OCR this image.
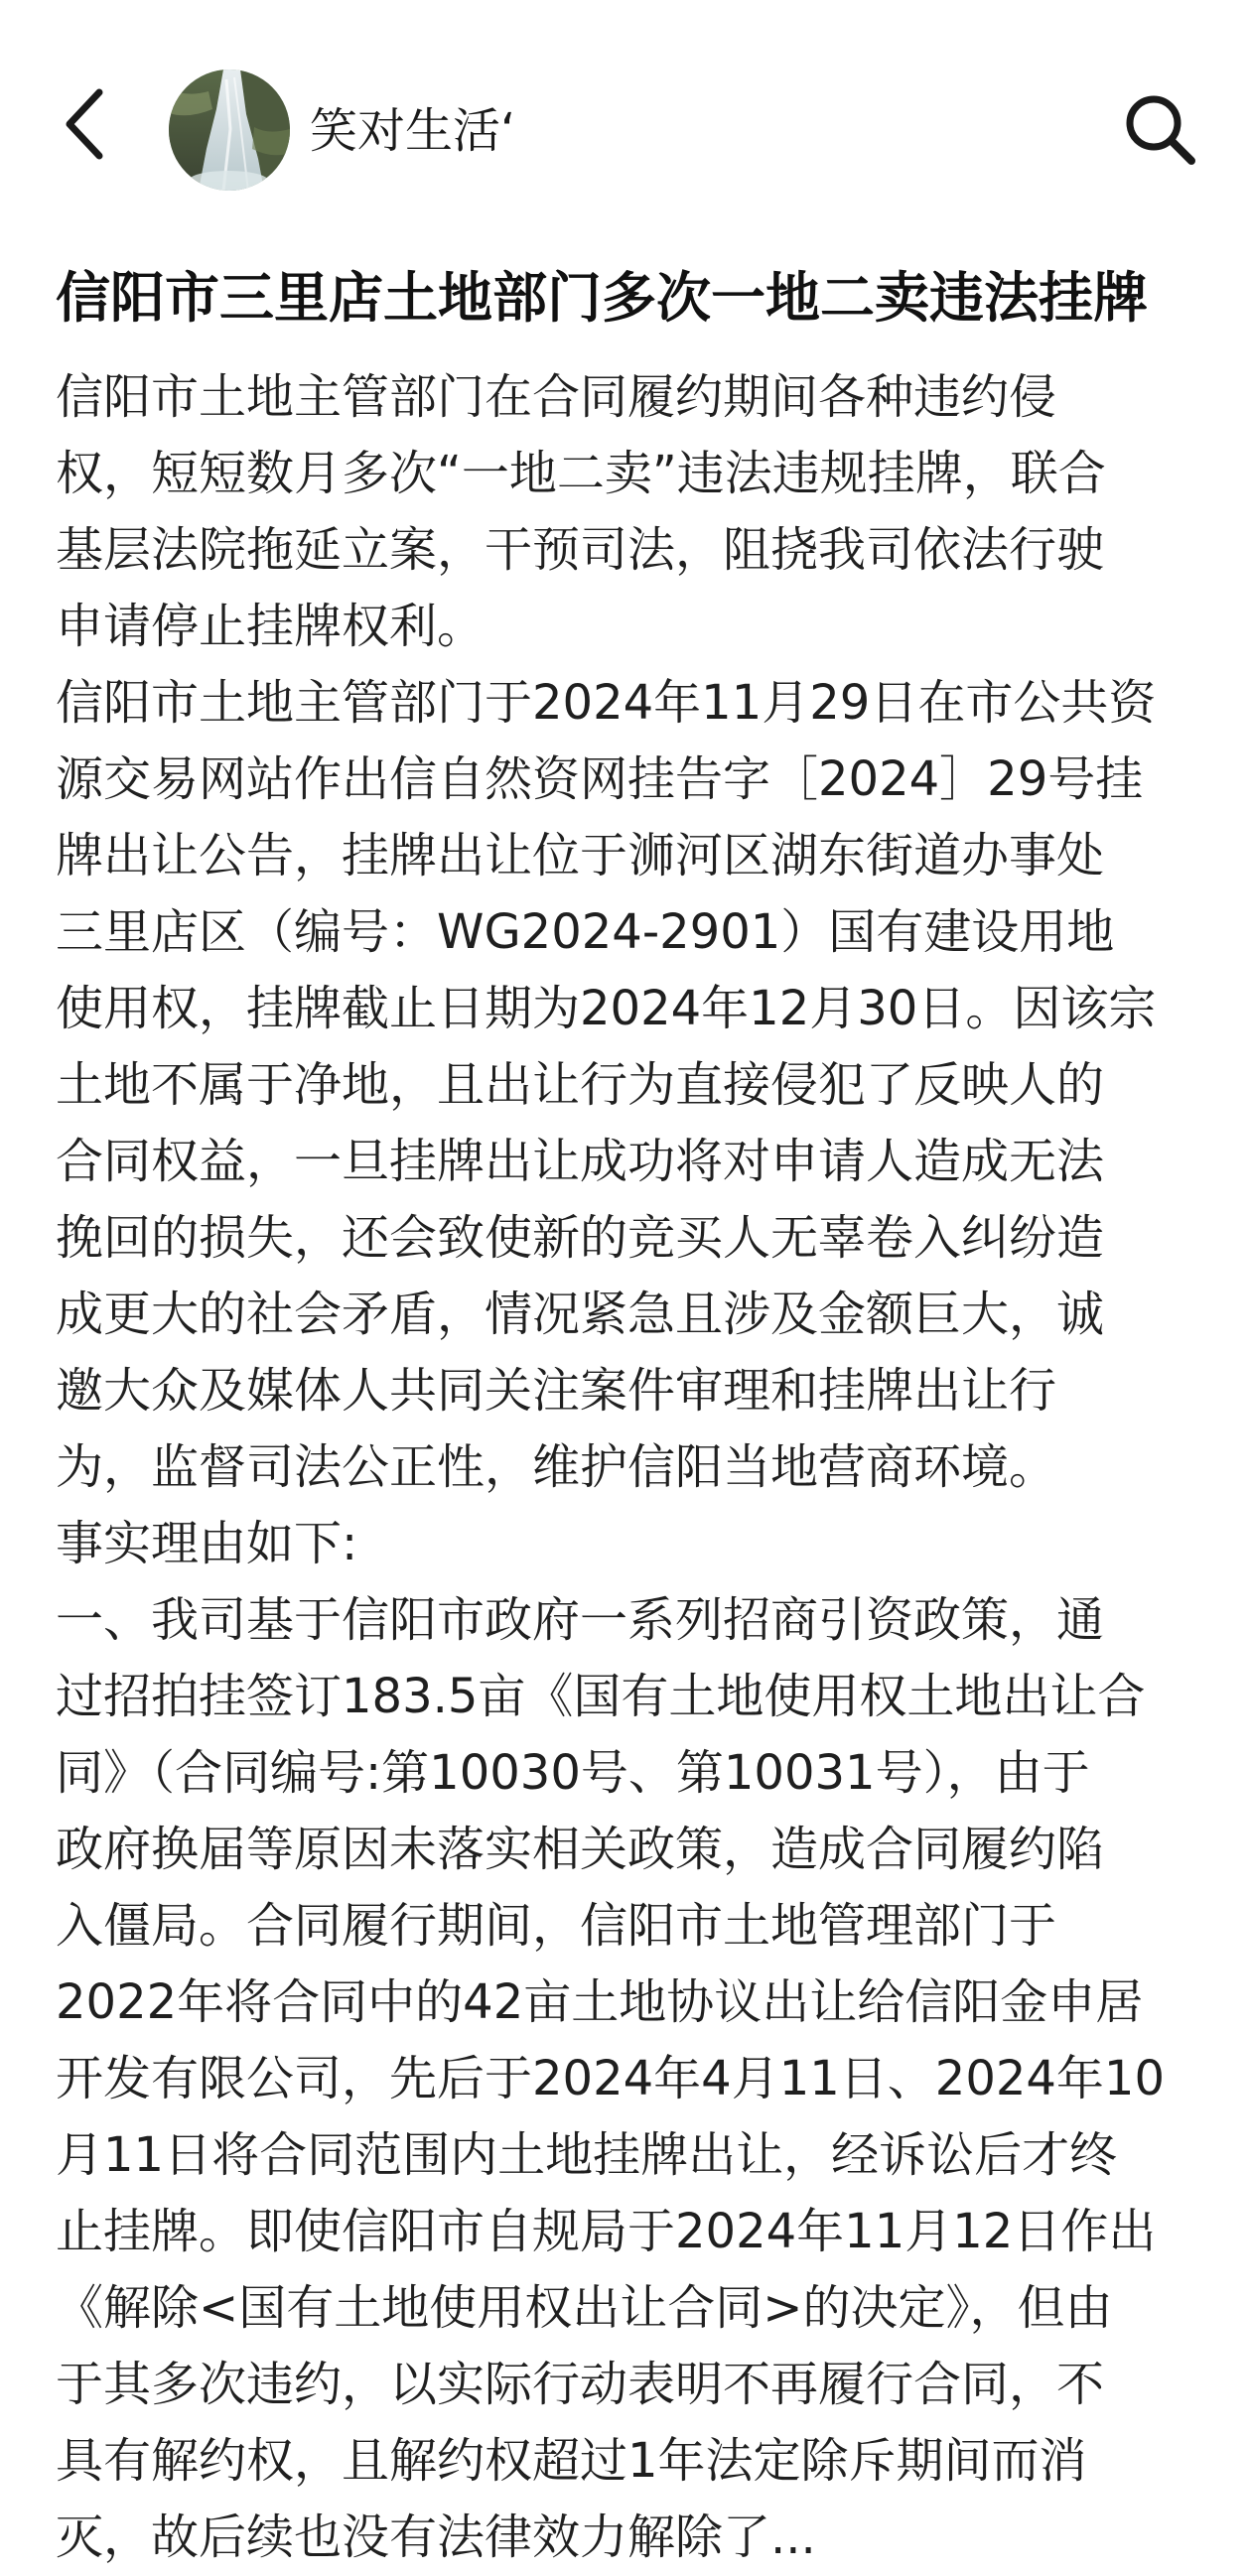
笑对生活‘
信阳市三里店土地部门多次一地二卖违法挂牌
信阳市土地主管部门在合同履约期间各种违约侵
权，短短数月多次“一地二卖”违法违规挂牌，联合
基层法院拖延立案，干预司法，阻挠我司依法行驶
申请停止挂牌权利。
信阳市土地主管部门于2024年11月29日在市公共资
源交易网站作出信自然资网挂告字［2024］29号挂
牌出让公告，挂牌出让位于浉河区湖东街道办事处
三里店区（编号：WG2024-2901）国有建设用地
使用权，挂牌截止日期为2024年12月30日。因该宗
土地不属于净地，且出让行为直接侵犯了反映人的
合同权益，一旦挂牌出让成功将对申请人造成无法
挽回的损失，还会致使新的竞买人无辜卷入纠纷造
成更大的社会矛盾，情况紧急且涉及金额巨大，诚
邀大众及媒体人共同关注案件审理和挂牌出让行
为，监督司法公正性，维护信阳当地营商环境。
事实理由如下:
一、我司基于信阳市政府一系列招商引资政策，通
过招拍挂签订183.5亩《国有土地使用权土地出让合
同》（合同编号:第10030号、第10031号），由于
政府换届等原因未落实相关政策，造成合同履约陷
入僵局。合同履行期间，信阳市土地管理部门于
2022年将合同中的42亩土地协议出让给信阳金申居
开发有限公司，先后于2024年4月11日、2024年10
月11日将合同范围内土地挂牌出让，经诉讼后才终
止挂牌。即使信阳市自规局于2024年11月12日作出
《解除<国有土地使用权出让合同>的决定》，但由
于其多次违约，以实际行动表明不再履行合同，不
具有解约权，且解约权超过1年法定除斥期间而消
灭，故后续也没有法律效力解除了...
